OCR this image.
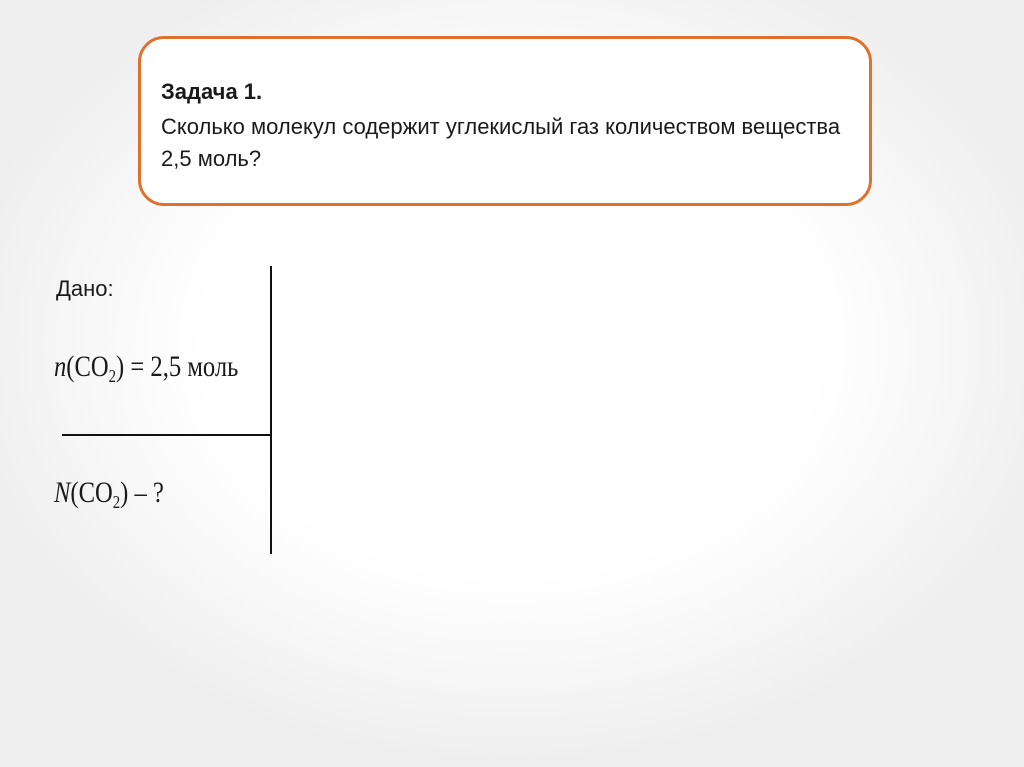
Задача 1.
Сколько молекул содержит углекислый газ количеством вещества 2,5 моль?
Дано:
$n(CO_2) = 2,5$ моль
$N(CO_2)$ – ?
